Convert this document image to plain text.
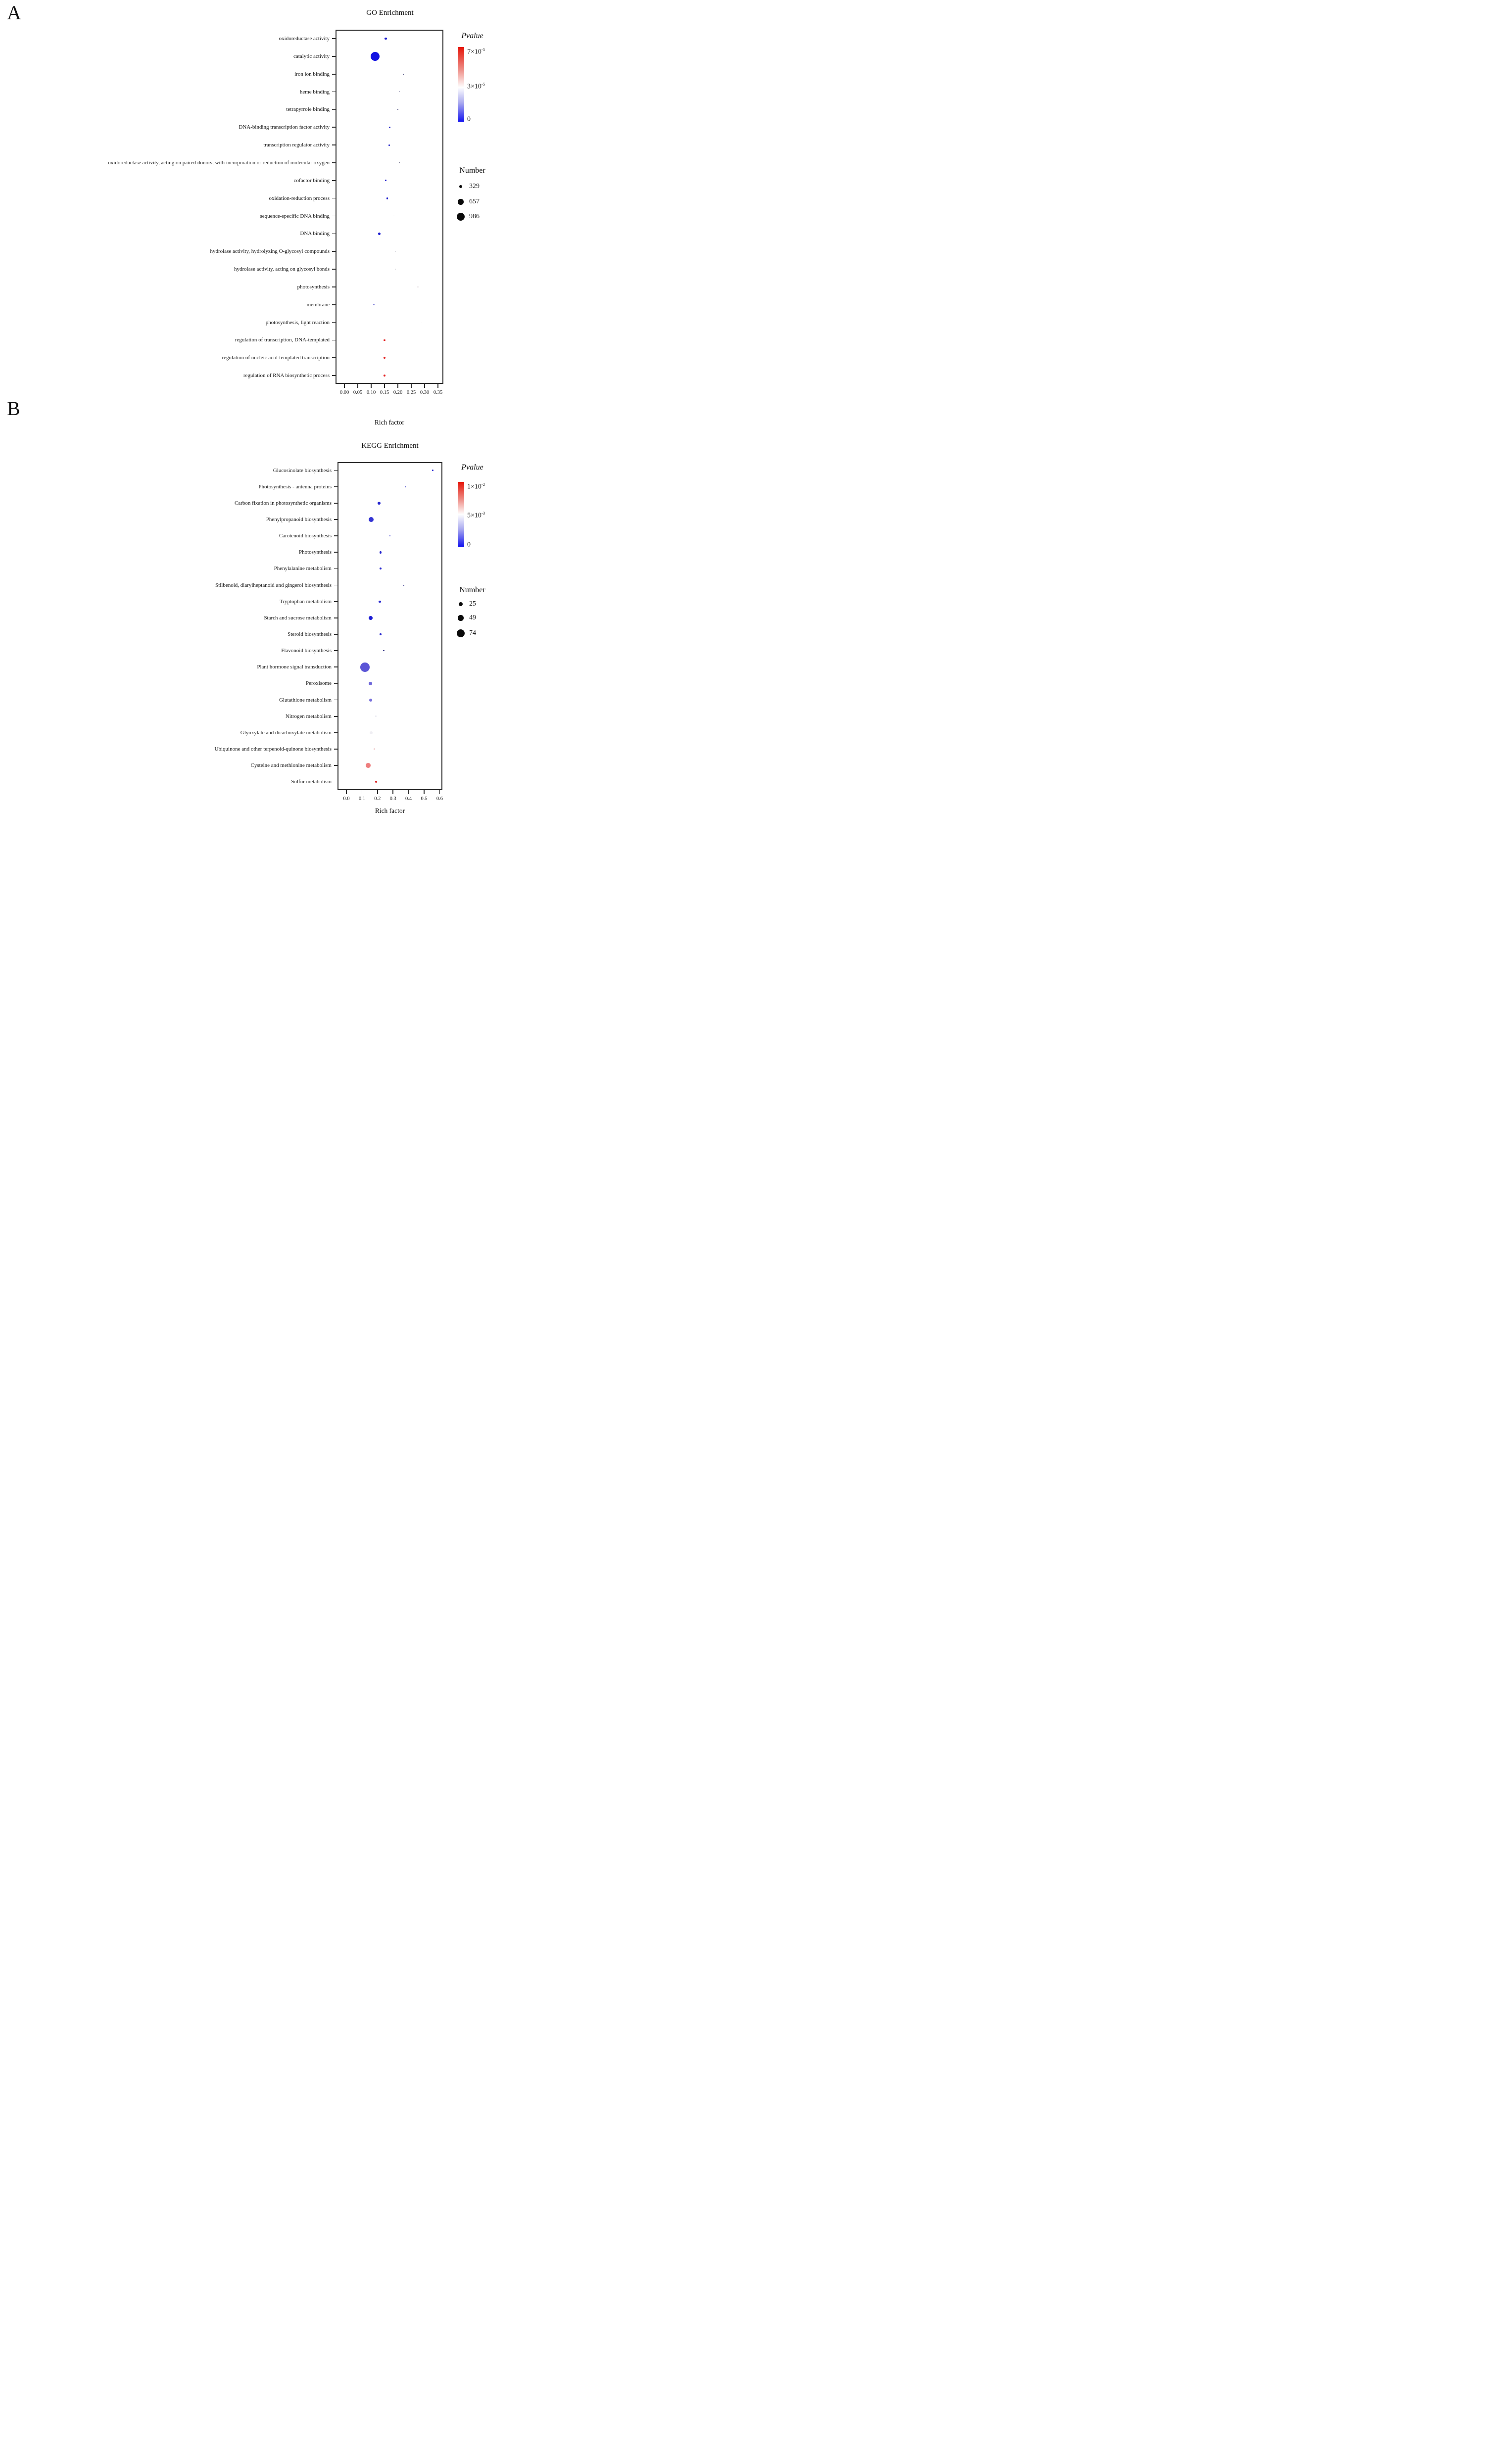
A	GO Enrichment
oxidoreductase activity
catalytic activity
iron ion binding
heme binding
tetrapyrrole binding
DNA-binding transcription factor activity
transcription regulator activity
oxidoreductase activity, acting on paired donors, with incorporation or reduction of molecular oxygen
cofactor binding
oxidation-reduction process
sequence-specific DNA binding
DNA binding
hydrolase activity, hydrolyzing O-glycosyl compounds
hydrolase activity, acting on glycosyl bonds
photosynthesis
membrane
photosynthesis, light reaction
regulation of transcription, DNA-templated
regulation of nucleic acid-templated transcription
regulation of RNA biosynthetic process
0.00 0.05 0.10 0.15 0.20 0.25 0.30 0.35
Rich factor
Pvalue
$7\times 10^{-5}$
$3\times 10^{-5}$
0
Number
329
657
986
B
KEGG Enrichment
Glucosinolate biosynthesis
Photosynthesis - antenna proteins
Carbon fixation in photosynthetic organisms
Phenylpropanoid biosynthesis
Carotenoid biosynthesis
Photosynthesis
Phenylalanine metabolism
Stilbenoid, diarylheptanoid and gingerol biosynthesis
Tryptophan metabolism
Starch and sucrose metabolism
Steroid biosynthesis
Flavonoid biosynthesis
Plant hormone signal transduction
Peroxisome
Glutathione metabolism
Nitrogen metabolism
Glyoxylate and dicarboxylate metabolism
Ubiquinone and other terpenoid-quinone biosynthesis
Cysteine and methionine metabolism
Sulfur metabolism
0.0	0.1	0.2	0.3	0.4	0.5	0.6
Rich factor
Pvalue
$1\times 10^{-2}$
$5\times 10^{-3}$
0
Number
25
49
74
